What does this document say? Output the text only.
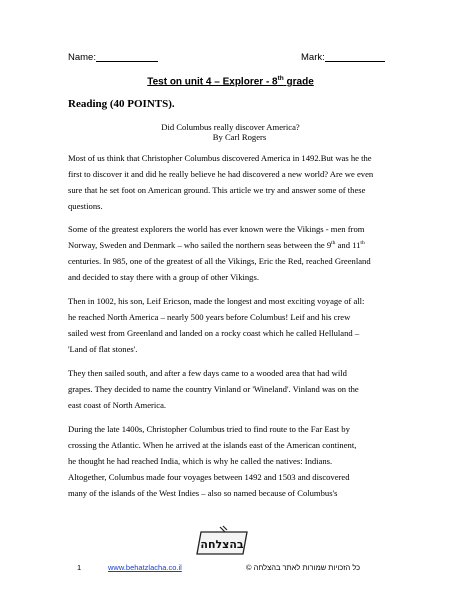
Name:	Mark:
Test on unit 4 – Explorer - 8th grade
Reading (40 POINTS).
Did Columbus really discover America?
By Carl Rogers
Most of us think that Christopher Columbus discovered America in 1492.But was he the
first to discover it and did he really believe he had discovered a new world? Are we even
sure that he set foot on American ground. This article we try and answer some of these
questions.
Some of the greatest explorers the world has ever known were the Vikings - men from
Norway, Sweden and Denmark – who sailed the northern seas between the 9th and 11th
centuries. In 985, one of the greatest of all the Vikings, Eric the Red, reached Greenland
and decided to stay there with a group of other Vikings.
Then in 1002, his son, Leif Ericson, made the longest and most exciting voyage of all:
he reached North America – nearly 500 years before Columbus! Leif and his crew
sailed west from Greenland and landed on a rocky coast which he called Helluland –
'Land of flat stones'.
They then sailed south, and after a few days came to a wooded area that had wild
grapes. They decided to name the country Vinland or 'Wineland'. Vinland was on the
east coast of North America.
During the late 1400s, Christopher Columbus tried to find route to the Far East by
crossing the Atlantic. When he arrived at the islands east of the American continent,
he thought he had reached India, which is why he called the natives: Indians.
Altogether, Columbus made four voyages between 1492 and 1503 and discovered
many of the islands of the West Indies – also so named because of Columbus's
בהצלחה
1	www.behatzlacha.co.il	כל הזכויות שמורות לאתר בהצלחה ©
